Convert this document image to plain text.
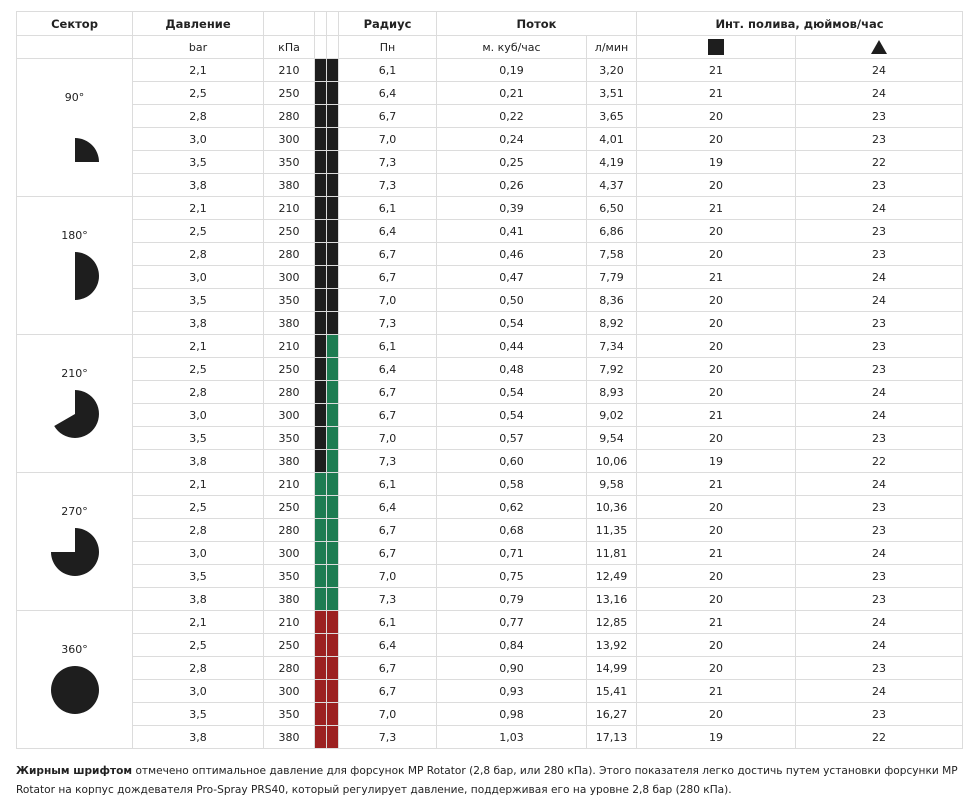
Сектор	Давление				Радиус	Поток		Инт. полива, дюймов/час	
	bar	кПа			Пн	м. куб/час	л/мин	

90°	2,1	210			6,1	0,19	3,20	21	24
	2,5	250			6,4	0,21	3,51	21	24
	2,8	280			6,7	0,22	3,65	20	23
	3,0	300			7,0	0,24	4,01	20	23
	3,5	350			7,3	0,25	4,19	19	22
	3,8	380			7,3	0,26	4,37	20	23

180°	2,1	210			6,1	0,39	6,50	21	24
	2,5	250			6,4	0,41	6,86	20	23
	2,8	280			6,7	0,46	7,58	20	23
	3,0	300			6,7	0,47	7,79	21	24
	3,5	350			7,0	0,50	8,36	20	24
	3,8	380			7,3	0,54	8,92	20	23

210°	2,1	210			6,1	0,44	7,34	20	23
	2,5	250			6,4	0,48	7,92	20	23
	2,8	280			6,7	0,54	8,93	20	24
	3,0	300			6,7	0,54	9,02	21	24
	3,5	350			7,0	0,57	9,54	20	23
	3,8	380			7,3	0,60	10,06	19	22

270°	2,1	210			6,1	0,58	9,58	21	24
	2,5	250			6,4	0,62	10,36	20	23
	2,8	280			6,7	0,68	11,35	20	23
	3,0	300			6,7	0,71	11,81	21	24
	3,5	350			7,0	0,75	12,49	20	23
	3,8	380			7,3	0,79	13,16	20	23

360°	2,1	210			6,1	0,77	12,85	21	24
	2,5	250			6,4	0,84	13,92	20	24
	2,8	280			6,7	0,90	14,99	20	23
	3,0	300			6,7	0,93	15,41	21	24
	3,5	350			7,0	0,98	16,27	20	23
	3,8	380			7,3	1,03	17,13	19	22
Жирным шрифтом отмечено оптимальное давление для форсунок MP Rotator (2,8 бар, или 280 кПа). Этого показателя легко достичь путем установки форсунки MP Rotator на корпус дождевателя Pro-Spray PRS40, который регулирует давление, поддерживая его на уровне 2,8 бар (280 кПа).
